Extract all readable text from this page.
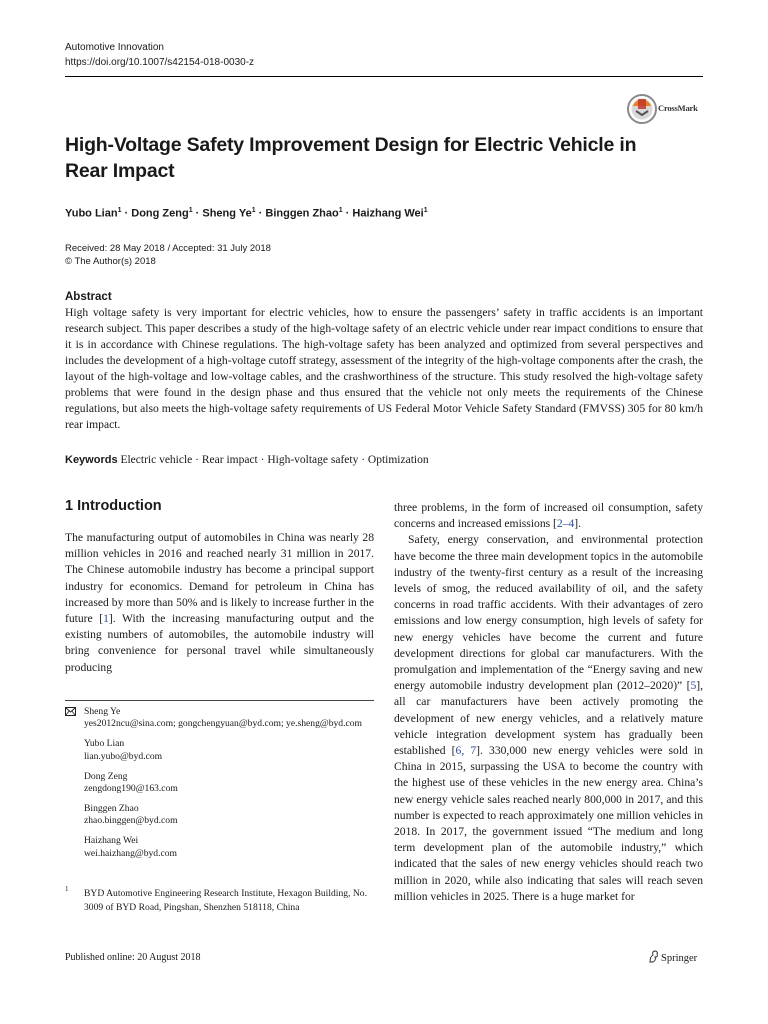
Automotive Innovation
https://doi.org/10.1007/s42154-018-0030-z
CrossMark
High-Voltage Safety Improvement Design for Electric Vehicle in Rear Impact
Yubo Lian$^1$ · Dong Zeng$^1$ · Sheng $Ye^1$ · Binggen Zhao$^1$ · Haizhang Wei$^1$
Received: 28 May 2018 / Accepted: 31 July 2018
© The Author(s) 2018
Abstract
High voltage safety is very important for electric vehicles, how to ensure the passengers’ safety in traffic accidents is an important research subject. This paper describes a study of the high-voltage safety of an electric vehicle under rear impact conditions to ensure that it is in accordance with Chinese regulations. The high-voltage safety has been analyzed and optimized from several perspectives and includes the development of a high-voltage cutoff strategy, assessment of the integrity of the high-voltage components after the crash, the layout of the high-voltage and low-voltage cables, and the crashworthiness of the structure. This study resolved the high-voltage safety problems that were found in the design phase and thus ensured that the vehicle not only meets the requirements of the Chinese regulations, but also meets the high-voltage safety requirements of US Federal Motor Vehicle Safety Standard (FMVSS) 305 for 80 km/h rear impact.
Keywords Electric vehicle · Rear impact · High-voltage safety · Optimization
1 Introduction

The manufacturing output of automobiles in China was nearly 28 million vehicles in 2016 and reached nearly 31 million in 2017. The Chinese automobile industry has become a principal support industry for economics. Demand for petroleum in China has increased by more than 50% and is likely to increase further in the future [1]. With the increasing manufacturing output and the existing numbers of automobiles, the automobile industry will bring convenience for personal travel while simultaneously producing

three problems, in the form of increased oil consumption, safety concerns and increased emissions [2–4].

Safety, energy conservation, and environmental protection have become the three main development topics in the automobile industry of the twenty-first century as a result of the increasing levels of smog, the reduced availability of oil, and the safety concerns in road traffic accidents. With their advantages of zero emissions and low energy consumption, high levels of safety for new energy vehicles have become the current and future development directions for global car manufacturers. With the promulgation and implementation of the “Energy saving and new energy automobile industry development plan (2012–2020)” [5], all car manufacturers have been actively promoting the development of new energy vehicles, and a relatively mature vehicle integration development system has gradually been established [6, 7]. 330,000 new energy vehicles were sold in China in 2015, surpassing the USA to become the country with the highest use of these vehicles in the new energy area. China’s new energy vehicle sales reached nearly 800,000 in 2017, and this number is expected to reach approximately one million vehicles in 2018. In 2017, the government issued “The medium and long term development plan of the automobile industry,” which indicated that the sales of new energy vehicles should reach two million in 2020, while also indicating that sales will reach seven million vehicles in 2025. There is a huge market for

Sheng Ye
yes2012ncu@sina.com; gongchengyuan@byd.com; ye.sheng@byd.com
Yubo Lian
lian.yubo@byd.com
Dong Zeng
zengdong190@163.com
Binggen Zhao
zhao.binggen@byd.com
Haizhang Wei
wei.haizhang@byd.com
1 BYD Automotive Engineering Research Institute, Hexagon Building, No. 3009 of BYD Road, Pingshan, Shenzhen 518118, China
Published online: 20 August 2018	Springer
